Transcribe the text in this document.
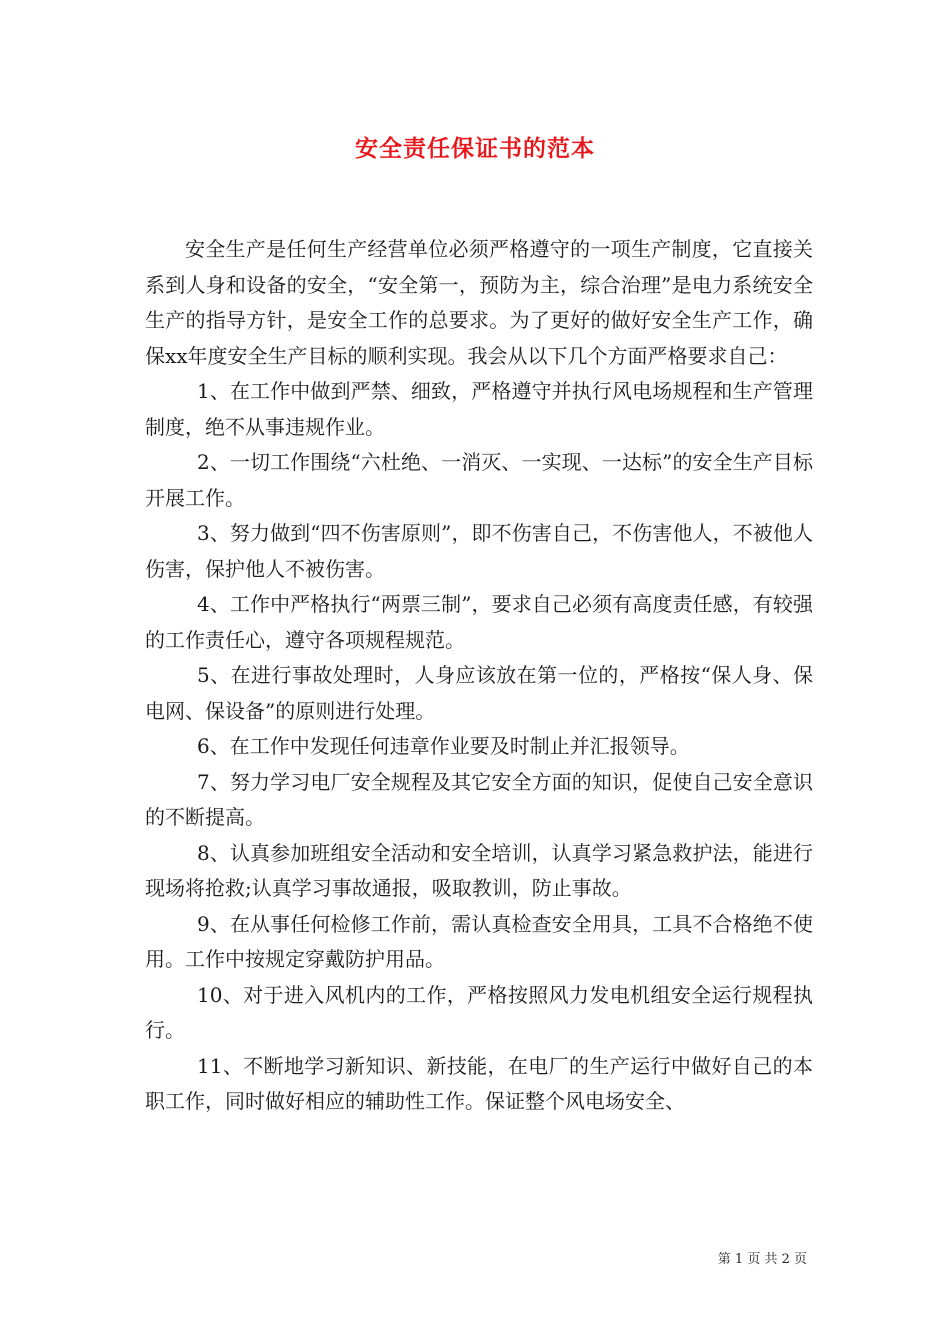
安全责任保证书的范本

安全生产是任何生产经营单位必须严格遵守的一项生产制度，它直接关系到人身和设备的安全，“安全第一，预防为主，综合治理”是电力系统安全生产的指导方针，是安全工作的总要求。为了更好的做好安全生产工作，确保xx年度安全生产目标的顺利实现。我会从以下几个方面严格要求自己：

1、在工作中做到严禁、细致，严格遵守并执行风电场规程和生产管理制度，绝不从事违规作业。

2、一切工作围绕“六杜绝、一消灭、一实现、一达标”的安全生产目标开展工作。

3、努力做到“四不伤害原则”，即不伤害自己，不伤害他人，不被他人伤害，保护他人不被伤害。

4、工作中严格执行“两票三制”，要求自己必须有高度责任感，有较强的工作责任心，遵守各项规程规范。

5、在进行事故处理时，人身应该放在第一位的，严格按“保人身、保电网、保设备”的原则进行处理。

6、在工作中发现任何违章作业要及时制止并汇报领导。

7、努力学习电厂安全规程及其它安全方面的知识，促使自己安全意识的不断提高。

8、认真参加班组安全活动和安全培训，认真学习紧急救护法，能进行现场将抢救;认真学习事故通报，吸取教训，防止事故。

9、在从事任何检修工作前，需认真检查安全用具，工具不合格绝不使用。工作中按规定穿戴防护用品。

10、对于进入风机内的工作，严格按照风力发电机组安全运行规程执行。

11、不断地学习新知识、新技能，在电厂的生产运行中做好自己的本职工作，同时做好相应的辅助性工作。保证整个风电场安全、

第 1 页 共 2 页
